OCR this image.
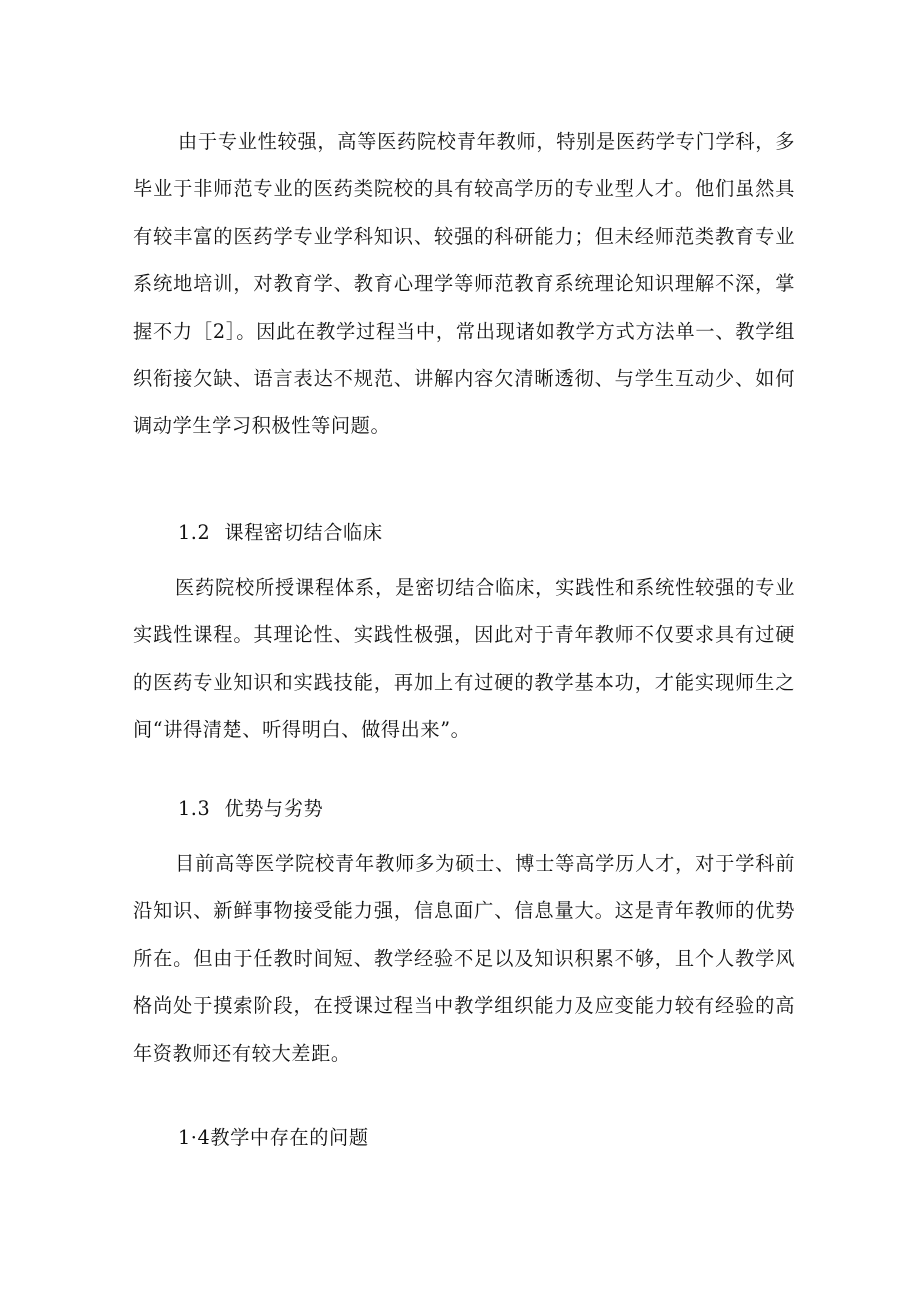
由于专业性较强，高等医药院校青年教师，特别是医药学专门学科，多毕业于非师范专业的医药类院校的具有较高学历的专业型人才。他们虽然具有较丰富的医药学专业学科知识、较强的科研能力；但未经师范类教育专业系统地培训，对教育学、教育心理学等师范教育系统理论知识理解不深，掌握不力［2］。因此在教学过程当中，常出现诸如教学方式方法单一、教学组织衔接欠缺、语言表达不规范、讲解内容欠清晰透彻、与学生互动少、如何调动学生学习积极性等问题。

1.2 课程密切结合临床

医药院校所授课程体系，是密切结合临床，实践性和系统性较强的专业实践性课程。其理论性、实践性极强，因此对于青年教师不仅要求具有过硬的医药专业知识和实践技能，再加上有过硬的教学基本功，才能实现师生之间“讲得清楚、听得明白、做得出来”。

1.3 优势与劣势

目前高等医学院校青年教师多为硕士、博士等高学历人才，对于学科前沿知识、新鲜事物接受能力强，信息面广、信息量大。这是青年教师的优势所在。但由于任教时间短、教学经验不足以及知识积累不够，且个人教学风格尚处于摸索阶段，在授课过程当中教学组织能力及应变能力较有经验的高年资教师还有较大差距。

1·4教学中存在的问题
